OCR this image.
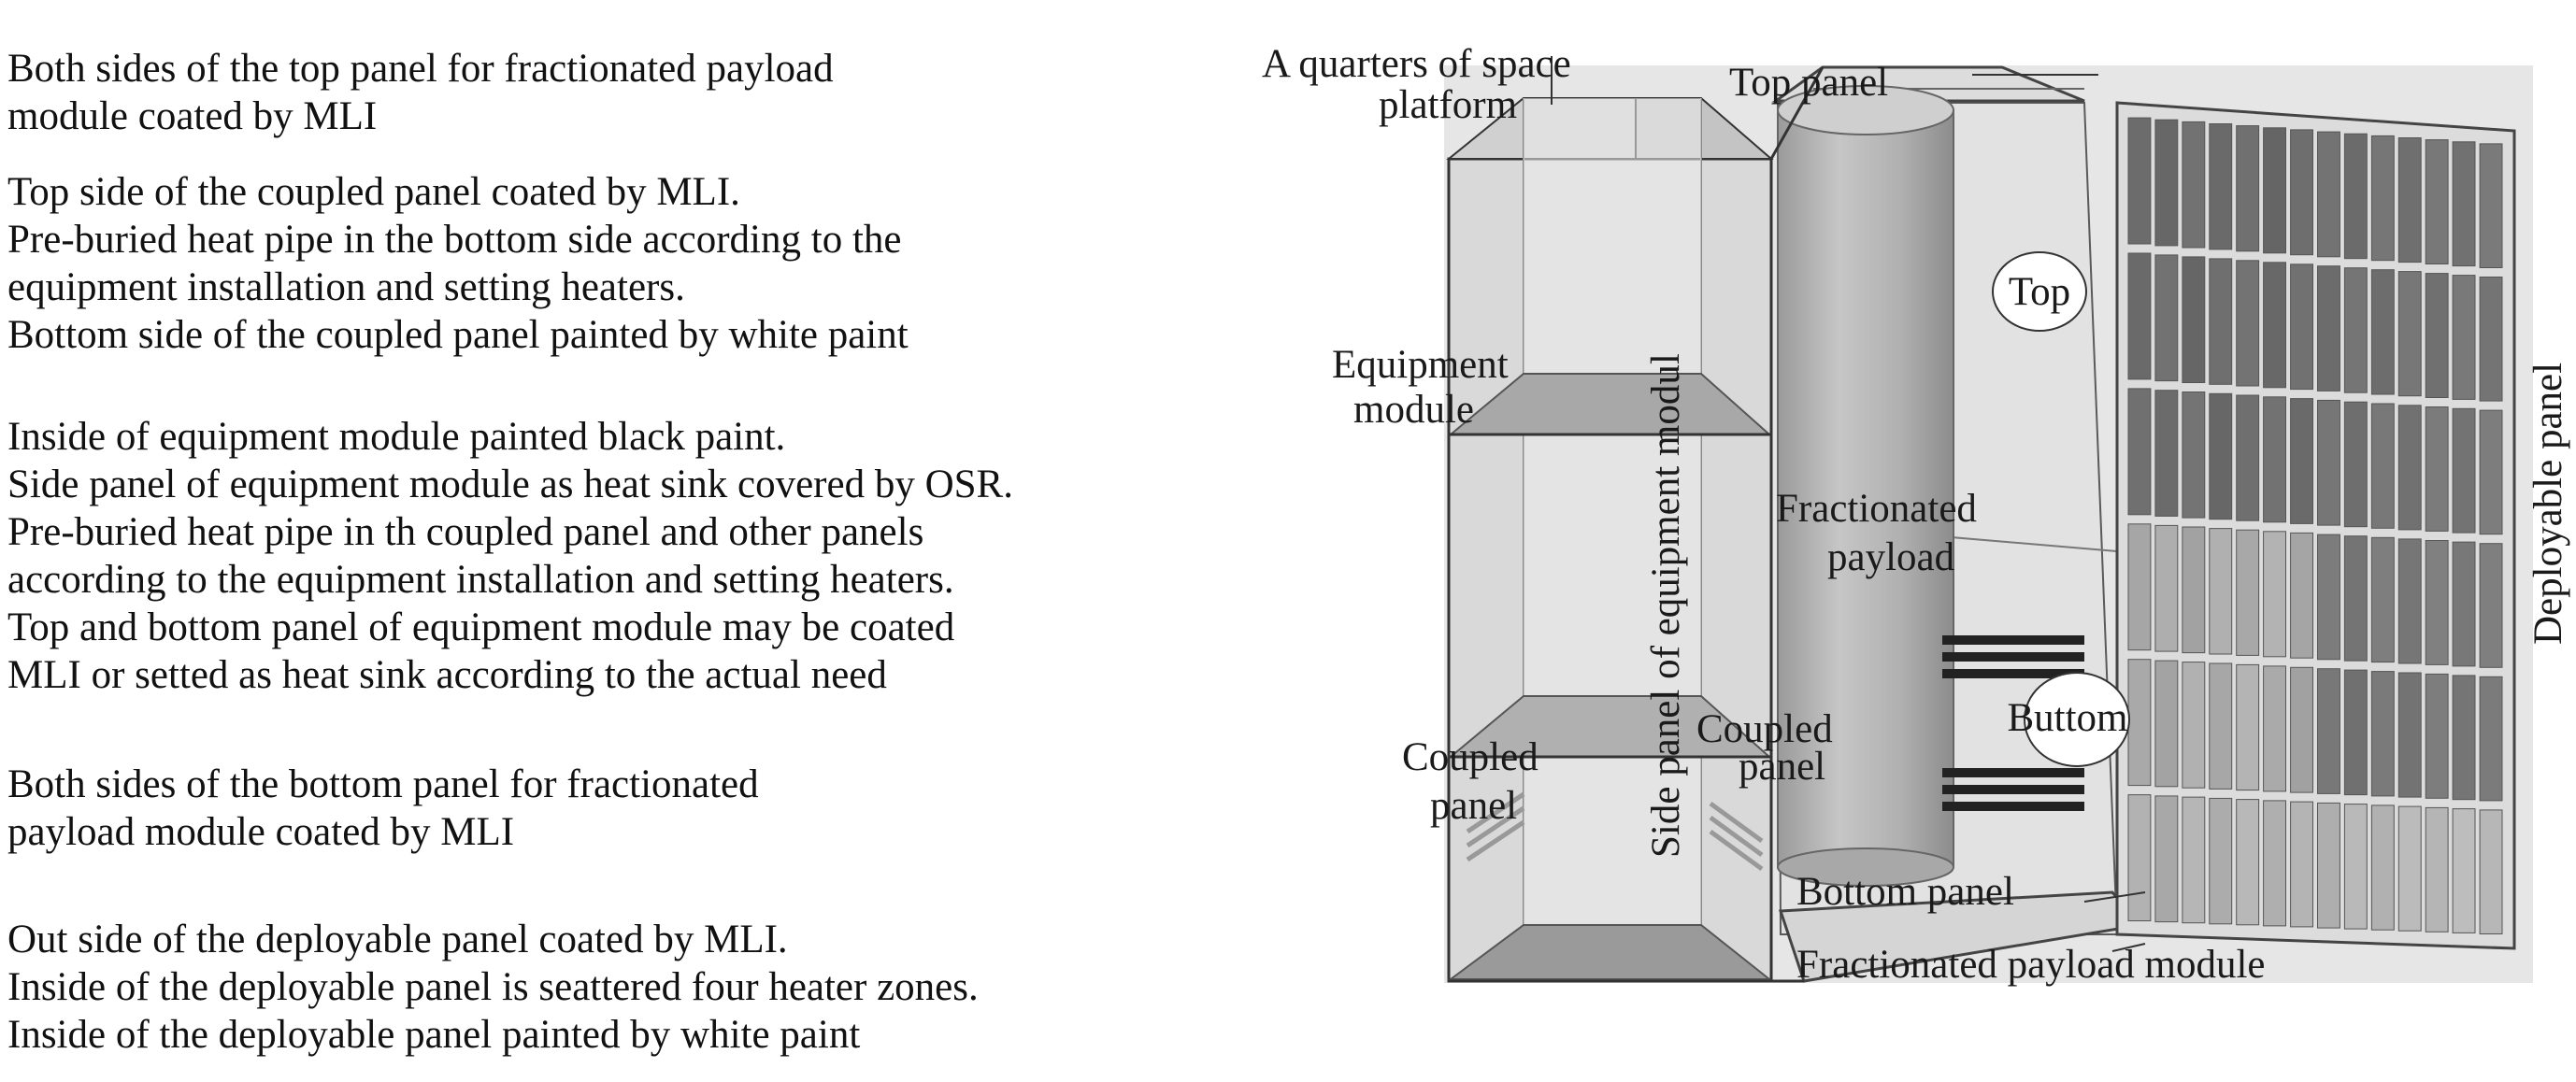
Both sides of the top panel for fractionated payload
module coated by MLI
Top side of the coupled panel coated by MLI.
Pre-buried heat pipe in the bottom side according to the
equipment installation and setting heaters.
Bottom side of the coupled panel painted by white paint
Inside of equipment module painted black paint.
Side panel of equipment module as heat sink covered by OSR.
Pre-buried heat pipe in th coupled panel and other panels
according to the equipment installation and setting heaters.
Top and bottom panel of equipment module may be coated
MLI or setted as heat sink according to the actual need
Both sides of the bottom panel for fractionated
payload module coated by MLI
Out side of the deployable panel coated by MLI.
Inside of the deployable panel is seattered four heater zones.
Inside of the deployable panel painted by white paint
Top
Buttom
A quarters of space
platform
Top panel
Equipment
module	Side panel of equipment modul Fractionated
payload
Coupled
panel
Coupled
panel
Bottom panel
Fractionated payload module
Deployable panel
